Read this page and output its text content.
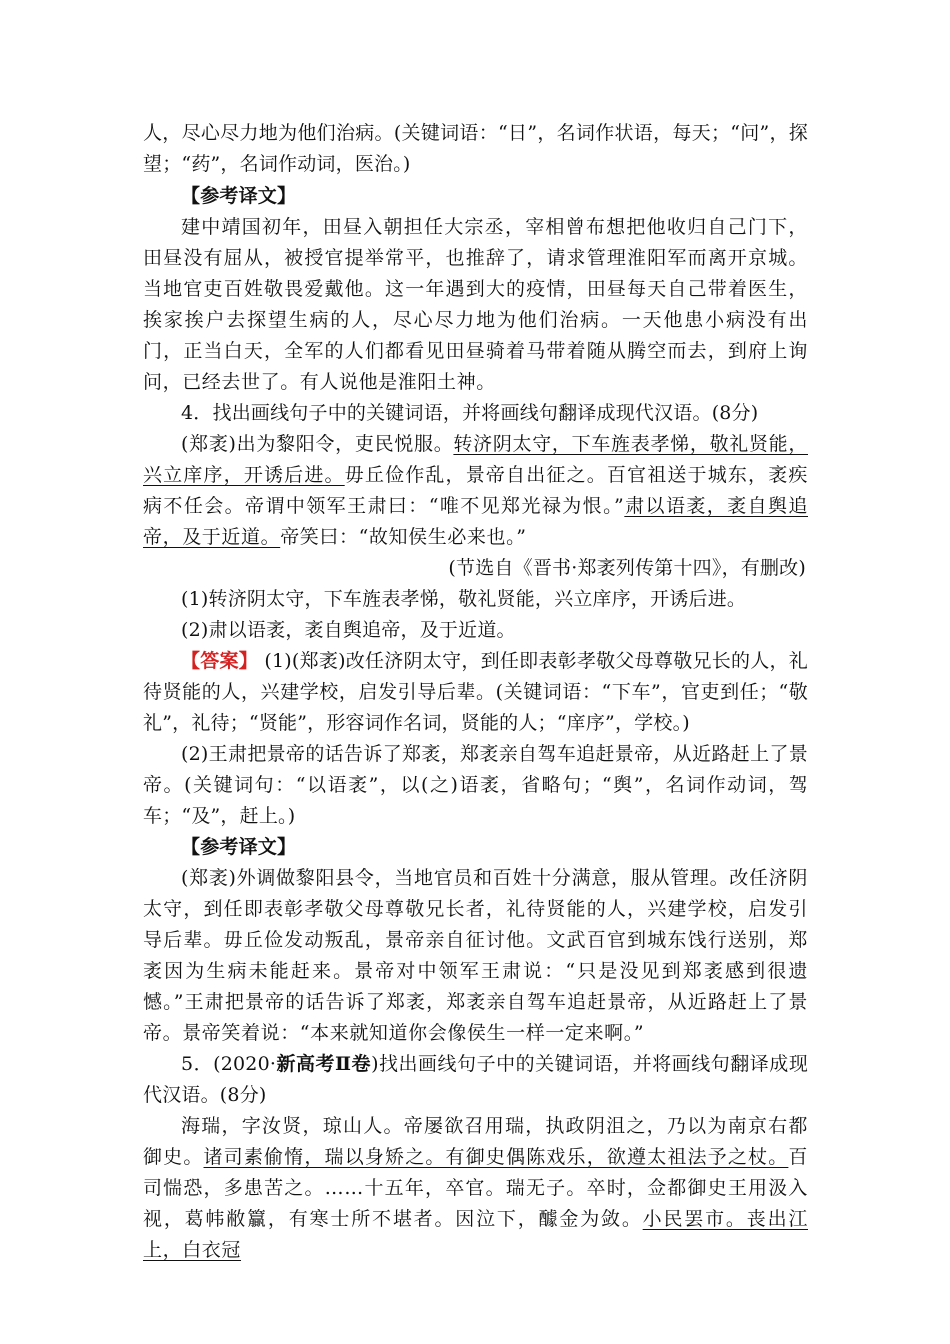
人，尽心尽力地为他们治病。(关键词语：“日”，名词作状语，每天；“问”，探望；“药”，名词作动词，医治。)

【参考译文】

建中靖国初年，田昼入朝担任大宗丞，宰相曾布想把他收归自己门下，田昼没有屈从，被授官提举常平，也推辞了，请求管理淮阳军而离开京城。当地官吏百姓敬畏爱戴他。这一年遇到大的疫情，田昼每天自己带着医生，挨家挨户去探望生病的人，尽心尽力地为他们治病。一天他患小病没有出门，正当白天，全军的人们都看见田昼骑着马带着随从腾空而去，到府上询问，已经去世了。有人说他是淮阳土神。

4．找出画线句子中的关键词语，并将画线句翻译成现代汉语。(8分)

(郑袤)出为黎阳令，吏民悦服。转济阴太守，下车旌表孝悌，敬礼贤能，兴立庠序，开诱后进。毋丘俭作乱，景帝自出征之。百官祖送于城东，袤疾病不任会。帝谓中领军王肃曰：“唯不见郑光禄为恨。”肃以语袤，袤自舆追帝，及于近道。帝笑曰：“故知侯生必来也。”

(节选自《晋书·郑袤列传第十四》，有删改)

(1)转济阴太守，下车旌表孝悌，敬礼贤能，兴立庠序，开诱后进。

(2)肃以语袤，袤自舆追帝，及于近道。

【答案】 (1)(郑袤)改任济阴太守，到任即表彰孝敬父母尊敬兄长的人，礼待贤能的人，兴建学校，启发引导后辈。(关键词语：“下车”，官吏到任；“敬礼”，礼待；“贤能”，形容词作名词，贤能的人；“庠序”，学校。)

(2)王肃把景帝的话告诉了郑袤，郑袤亲自驾车追赶景帝，从近路赶上了景帝。(关键词句：“以语袤”，以(之)语袤，省略句；“舆”，名词作动词，驾车；“及”，赶上。)

【参考译文】

(郑袤)外调做黎阳县令，当地官员和百姓十分满意，服从管理。改任济阴太守，到任即表彰孝敬父母尊敬兄长者，礼待贤能的人，兴建学校，启发引导后辈。毋丘俭发动叛乱，景帝亲自征讨他。文武百官到城东饯行送别，郑袤因为生病未能赶来。景帝对中领军王肃说：“只是没见到郑袤感到很遗憾。”王肃把景帝的话告诉了郑袤，郑袤亲自驾车追赶景帝，从近路赶上了景帝。景帝笑着说：“本来就知道你会像侯生一样一定来啊。”

5．(2020·新高考Ⅱ卷)找出画线句子中的关键词语，并将画线句翻译成现代汉语。(8分)

海瑞，字汝贤，琼山人。帝屡欲召用瑞，执政阴沮之，乃以为南京右都御史。诸司素偷惰，瑞以身矫之。有御史偶陈戏乐，欲遵太祖法予之杖。百司惴恐，多患苦之。……十五年，卒官。瑞无子。卒时，佥都御史王用汲入视，葛帏敝籯，有寒士所不堪者。因泣下，醵金为敛。小民罢市。丧出江上，白衣冠
